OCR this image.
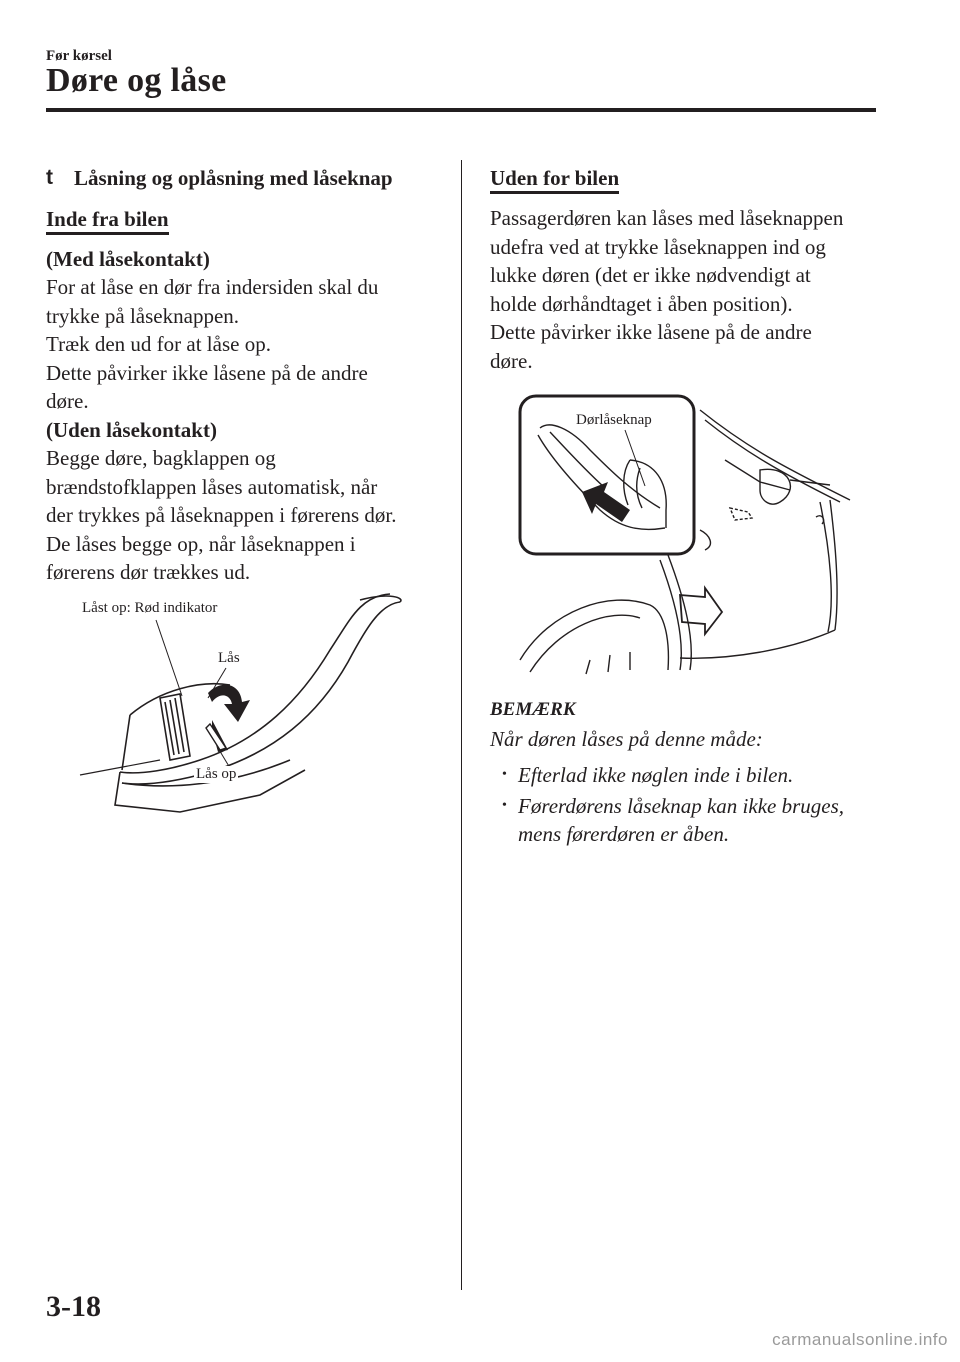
Før kørsel
Døre og låse
t Låsning og oplåsning med låseknap
Inde fra bilen

(Med låsekontakt)

For at låse en dør fra indersiden skal du

trykke på låseknappen.

Træk den ud for at låse op.

Dette påvirker ikke låsene på de andre

døre.

(Uden låsekontakt)

Begge døre, bagklappen og

brændstofklappen låses automatisk, når

der trykkes på låseknappen i førerens dør.

De låses begge op, når låseknappen i

førerens dør trækkes ud.

Låst op: Rød indikator
Lås
Lås op
Uden for bilen

Passagerdøren kan låses med låseknappen

udefra ved at trykke låseknappen ind og

lukke døren (det er ikke nødvendigt at

holde dørhåndtaget i åben position).

Dette påvirker ikke låsene på de andre

døre.

Dørlåseknap

BEMÆRK

Når døren låses på denne måde:

• Efterlad ikke nøglen inde i bilen.
• Førerdørens låseknap kan ikke bruges, mens førerdøren er åben.
3-18
carmanualsonline.info
